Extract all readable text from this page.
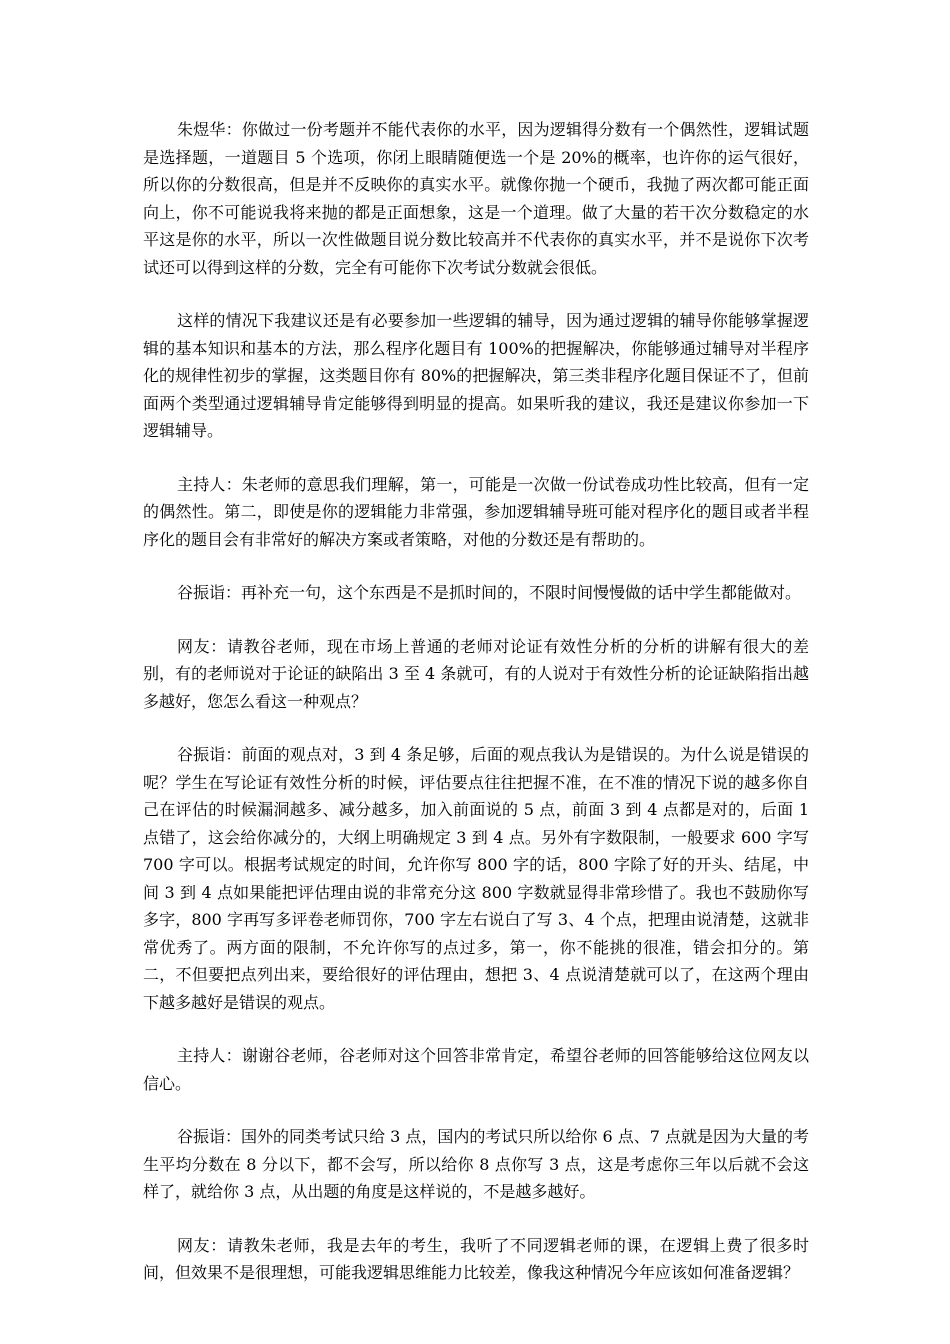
朱煜华：你做过一份考题并不能代表你的水平，因为逻辑得分数有一个偶然性，逻辑试题是选择题，一道题目 5 个选项，你闭上眼睛随便选一个是 20%的概率，也许你的运气很好，所以你的分数很高，但是并不反映你的真实水平。就像你抛一个硬币，我抛了两次都可能正面向上，你不可能说我将来抛的都是正面想象，这是一个道理。做了大量的若干次分数稳定的水平这是你的水平，所以一次性做题目说分数比较高并不代表你的真实水平，并不是说你下次考试还可以得到这样的分数，完全有可能你下次考试分数就会很低。

这样的情况下我建议还是有必要参加一些逻辑的辅导，因为通过逻辑的辅导你能够掌握逻辑的基本知识和基本的方法，那么程序化题目有 100%的把握解决，你能够通过辅导对半程序化的规律性初步的掌握，这类题目你有 80%的把握解决，第三类非程序化题目保证不了，但前面两个类型通过逻辑辅导肯定能够得到明显的提高。如果听我的建议，我还是建议你参加一下逻辑辅导。

主持人：朱老师的意思我们理解，第一，可能是一次做一份试卷成功性比较高，但有一定的偶然性。第二，即使是你的逻辑能力非常强，参加逻辑辅导班可能对程序化的题目或者半程序化的题目会有非常好的解决方案或者策略，对他的分数还是有帮助的。

谷振诣：再补充一句，这个东西是不是抓时间的，不限时间慢慢做的话中学生都能做对。

网友：请教谷老师，现在市场上普通的老师对论证有效性分析的分析的讲解有很大的差别，有的老师说对于论证的缺陷出 3 至 4 条就可，有的人说对于有效性分析的论证缺陷指出越多越好，您怎么看这一种观点？

谷振诣：前面的观点对，3 到 4 条足够，后面的观点我认为是错误的。为什么说是错误的呢？学生在写论证有效性分析的时候，评估要点往往把握不准，在不准的情况下说的越多你自己在评估的时候漏洞越多、减分越多，加入前面说的 5 点，前面 3 到 4 点都是对的，后面 1 点错了，这会给你减分的，大纲上明确规定 3 到 4 点。另外有字数限制，一般要求 600 字写 700 字可以。根据考试规定的时间，允许你写 800 字的话，800 字除了好的开头、结尾，中间 3 到 4 点如果能把评估理由说的非常充分这 800 字数就显得非常珍惜了。我也不鼓励你写多字，800 字再写多评卷老师罚你，700 字左右说白了写 3、4 个点，把理由说清楚，这就非常优秀了。两方面的限制，不允许你写的点过多，第一，你不能挑的很准，错会扣分的。第二，不但要把点列出来，要给很好的评估理由，想把 3、4 点说清楚就可以了，在这两个理由下越多越好是错误的观点。

主持人：谢谢谷老师，谷老师对这个回答非常肯定，希望谷老师的回答能够给这位网友以信心。

谷振诣：国外的同类考试只给 3 点，国内的考试只所以给你 6 点、7 点就是因为大量的考生平均分数在 8 分以下，都不会写，所以给你 8 点你写 3 点，这是考虑你三年以后就不会这样了，就给你 3 点，从出题的角度是这样说的，不是越多越好。

网友：请教朱老师，我是去年的考生，我听了不同逻辑老师的课，在逻辑上费了很多时间，但效果不是很理想，可能我逻辑思维能力比较差，像我这种情况今年应该如何准备逻辑？
